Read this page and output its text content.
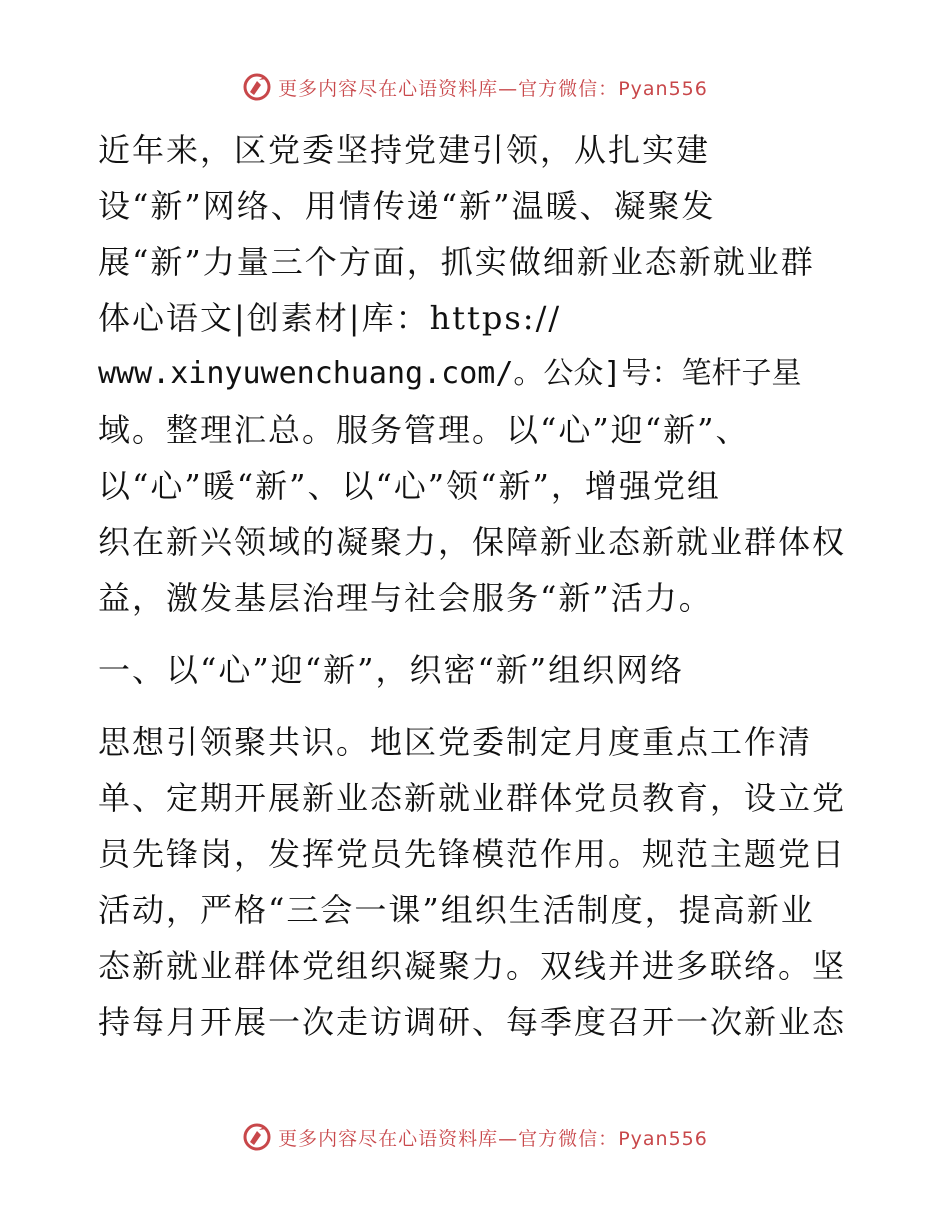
更多内容尽在心语资料库—官方微信：Pyan556
近年来，区党委坚持党建引领，从扎实建
设“新”网络、用情传递“新”温暖、凝聚发
展“新”力量三个方面，抓实做细新业态新就业群
体心语文|创素材|库：https://
www.xinyuwenchuang.com/。公众]号：笔杆子星
域。整理汇总。服务管理。以“心”迎“新”、
以“心”暖“新”、以“心”领“新”，增强党组
织在新兴领域的凝聚力，保障新业态新就业群体权
益，激发基层治理与社会服务“新”活力。
一、以“心”迎“新”，织密“新”组织网络
思想引领聚共识。地区党委制定月度重点工作清
单、定期开展新业态新就业群体党员教育，设立党
员先锋岗，发挥党员先锋模范作用。规范主题党日
活动，严格“三会一课”组织生活制度，提高新业
态新就业群体党组织凝聚力。双线并进多联络。坚
持每月开展一次走访调研、每季度召开一次新业态
更多内容尽在心语资料库—官方微信：Pyan556
